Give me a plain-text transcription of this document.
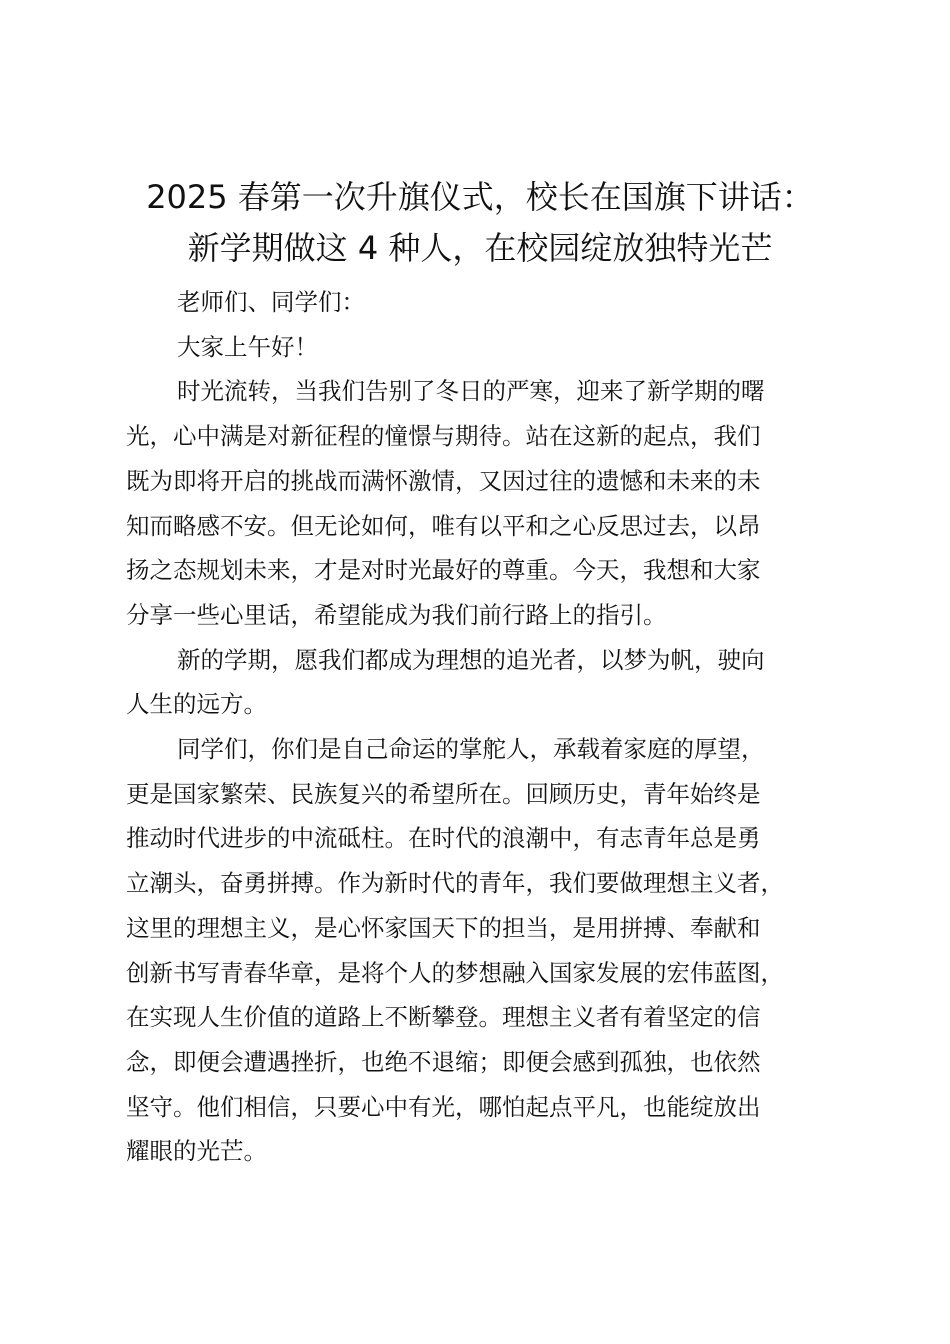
2025 春第一次升旗仪式，校长在国旗下讲话：
新学期做这 4 种人，在校园绽放独特光芒
老师们、同学们：
大家上午好！
时光流转，当我们告别了冬日的严寒，迎来了新学期的曙
光，心中满是对新征程的憧憬与期待。站在这新的起点，我们
既为即将开启的挑战而满怀激情，又因过往的遗憾和未来的未
知而略感不安。但无论如何，唯有以平和之心反思过去，以昂
扬之态规划未来，才是对时光最好的尊重。今天，我想和大家
分享一些心里话，希望能成为我们前行路上的指引。
新的学期，愿我们都成为理想的追光者，以梦为帆，驶向
人生的远方。
同学们，你们是自己命运的掌舵人，承载着家庭的厚望，
更是国家繁荣、民族复兴的希望所在。回顾历史，青年始终是
推动时代进步的中流砥柱。在时代的浪潮中，有志青年总是勇
立潮头，奋勇拼搏。作为新时代的青年，我们要做理想主义者，
这里的理想主义，是心怀家国天下的担当，是用拼搏、奉献和
创新书写青春华章，是将个人的梦想融入国家发展的宏伟蓝图，
在实现人生价值的道路上不断攀登。理想主义者有着坚定的信
念，即便会遭遇挫折，也绝不退缩；即便会感到孤独，也依然
坚守。他们相信，只要心中有光，哪怕起点平凡，也能绽放出
耀眼的光芒。
